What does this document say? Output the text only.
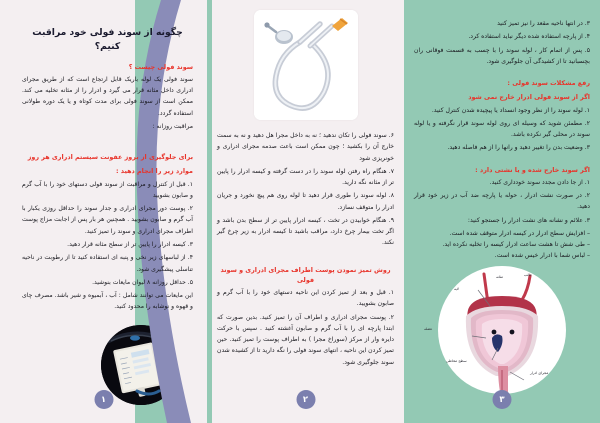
۳. در انتها ناحیه مقعد را نیز تمیز کنید

۴. از پارچه استفاده شده دیگر نباید استفاده کرد.

۵. پس از اتمام کار ، لوله سوند را با چسب به قسمت فوقانی ران بچسبانید تا از کشیدگی آن جلوگیری شود.

رفع مشکلات سوند فولی :

اگر از سوند فولی ادرار خارج نمی شود

۱. لوله سوند را از نظر وجود انسداد یا پیچیده شدن کنترل کنید.

۲. مطمئن شوید که وسیله ای روی لوله سوند قرار نگرفته و یا لوله سوند در محلی گیر نکرده باشد.

۳. وضعیت بدن را تغییر دهید و رانها را از هم فاصله دهید.

اگر سوند خارج شده و یا نشتی دارد :

۱. از جا دادن مجدد سوند خودداری کنید.

۲. در صورت نشت ادرار ، حوله یا پارچه ضد آب در زیر خود قرار دهید.

۳. علائم و نشانه های نشت ادرار را جستجو کنید:

– افزایش سطح ادرار در کیسه ادرار متوقف شده است.

– طی شش تا هشت ساعت ادرار کیسه را تخلیه نکرده اید.

– لباس شما با ادرار خیس شده است.

حالب
مثانه
لایه
عضله
سطح مخاطی
مجرای ادرار
۳

۶. سوند فولی را تکان ندهید ؛ نه به داخل مجرا هل دهید و نه به سمت خارج آن را بکشید ؛ چون ممکن است باعث صدمه مجرای ادراری و خونریزی شود

۷. هنگام راه رفتن لوله سوند را در دست گرفته و کیسه ادرار را پایین تر از مثانه نگه دارید.

۸. لوله سوند را طوری قرار دهید تا لوله روی هم پیچ نخورد و جریان ادرار را متوقف نسازد.

۹. هنگام خوابیدن در تخت ، کیسه ادرار پایین تر از سطح بدن باشد و اگر تخت بیمار چرخ دارد، مراقب باشید تا کیسه ادرار به زیر چرخ گیر نکند.

روش تمیز نمودن پوست اطراف مجرای ادراری و سوند فولی

۱. قبل و بعد از تمیز کردن این ناحیه دستهای خود را با آب گرم و صابون بشویید.

۲. پوست مجرای ادراری و اطراف آن را تمیز کنید. بدین صورت که ابتدا پارچه ای را با آب گرم و صابون آغشته کنید . سپس با حرکت دایره وار از مرکز (سوراخ مجرا ) به اطراف پوست را تمیز کنید. حین تمیز کردن این ناحیه ، انتهای سوند فولی را نگه دارید تا از کشیده شدن سوند جلوگیری شود.

۲

چگونه از سوند فولی خود مراقبت کنیم؟

سوند فولی چیست ؟

سوند فولی یک لوله باریک قابل ارتجاع است که از طریق مجرای ادراری داخل مثانه قرار می گیرد و ادرار را از مثانه تخلیه می کند. ممکن است از سوند فولی برای مدت کوتاه و یا یک دوره طولانی استفاده گردد.

مراقبت روزانه :

برای جلوگیری از بروز عفونت سیستم ادراری هر روز

موارد زیر را انجام دهید :

۱. قبل از کنترل و مراقبت از سوند فولی دستهای خود را با آب گرم و صابون بشویید

۲. پوست دور مجرای ادراری و جدار سوند را حداقل روزی یکبار با آب گرم و صابون بشویید . همچنین هر بار پس از اجابت مزاج پوست اطراف مجرای ادراری و سوند را تمیز کنید.

۳. کیسه ادرار را پایین تر از سطح مثانه قرار دهید.

۴. از لباسهای زیر نخی و پنبه ای استفاده کنید تا از رطوبت در ناحیه تناسلی پیشگیری شود.

۵. حداقل روزانه ۸ لیوان مایعات بنوشید.

این مایعات می توانند شامل : آب ، آبمیوه و شیر باشد. مصرف چای و قهوه و نوشابه را محدود کنید.

۱
